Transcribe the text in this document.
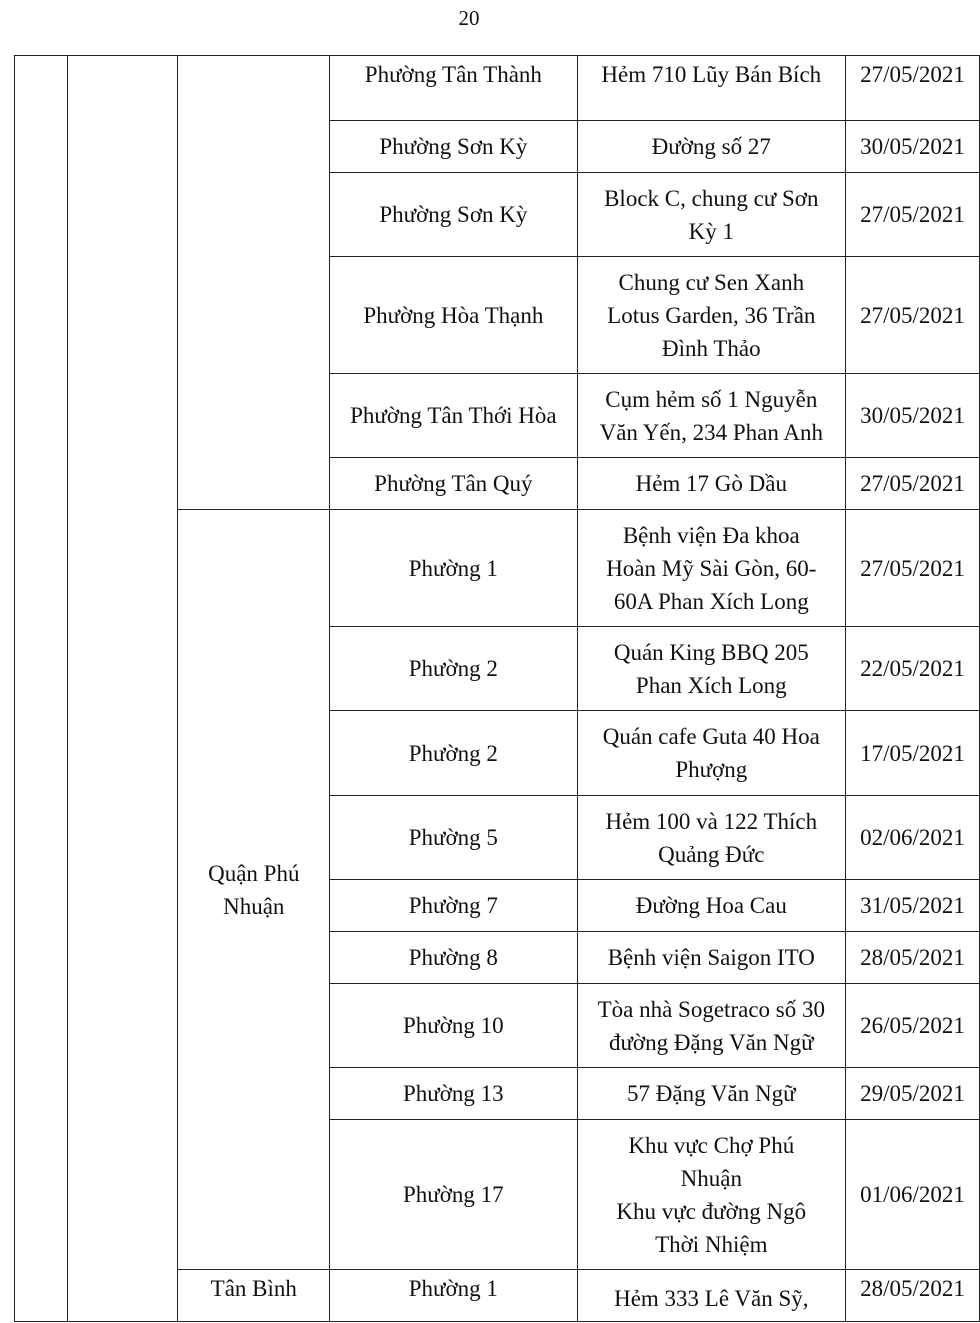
20
			Phường Tân Thành	Hẻm 710 Lũy Bán Bích	27/05/2021
			Phường Sơn Kỳ	Đường số 27	30/05/2021
			Phường Sơn Kỳ	Block C, chung cư Sơn
Kỳ 1	27/05/2021
			Phường Hòa Thạnh	Chung cư Sen Xanh
Lotus Garden, 36 Trần
Đình Thảo	27/05/2021
			Phường Tân Thới Hòa	Cụm hẻm số 1 Nguyễn
Văn Yến, 234 Phan Anh	30/05/2021
			Phường Tân Quý	Hẻm 17 Gò Dầu	27/05/2021

		Quận Phú
Nhuận	Phường 1	Bệnh viện Đa khoa
Hoàn Mỹ Sài Gòn, 60-
60A Phan Xích Long	27/05/2021
			Phường 2	Quán King BBQ 205
Phan Xích Long	22/05/2021
			Phường 2	Quán cafe Guta 40 Hoa
Phượng	17/05/2021
			Phường 5	Hẻm 100 và 122 Thích
Quảng Đức	02/06/2021
			Phường 7	Đường Hoa Cau	31/05/2021
			Phường 8	Bệnh viện Saigon ITO	28/05/2021
			Phường 10	Tòa nhà Sogetraco số 30
đường Đặng Văn Ngữ	26/05/2021
			Phường 13	57 Đặng Văn Ngữ	29/05/2021
			Phường 17	Khu vực Chợ Phú
Nhuận
Khu vực đường Ngô
Thời Nhiệm	01/06/2021
		Tân Bình	Phường 1	Hẻm 333 Lê Văn Sỹ,	28/05/2021
